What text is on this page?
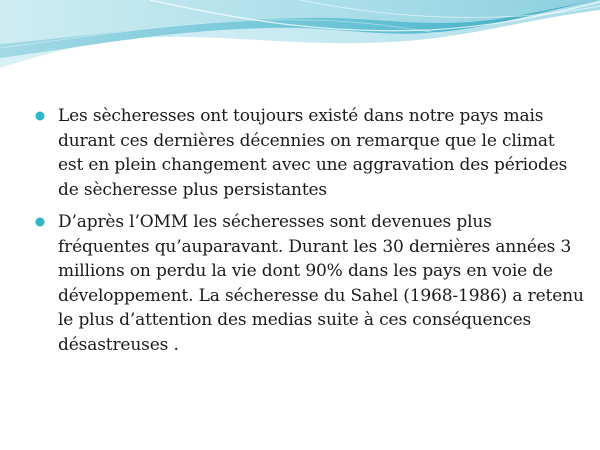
Les sècheresses ont toujours existé dans notre pays mais durant ces dernières décennies on remarque que le climat est en plein changement avec une aggravation des périodes de sècheresse plus persistantes
D’après l’OMM les sécheresses sont devenues plus fréquentes qu’auparavant. Durant les 30 dernières années 3 millions on perdu la vie dont 90% dans les pays en voie de développement. La sécheresse du Sahel (1968-1986) a retenu le plus d’attention des medias suite à ces conséquences désastreuses .
